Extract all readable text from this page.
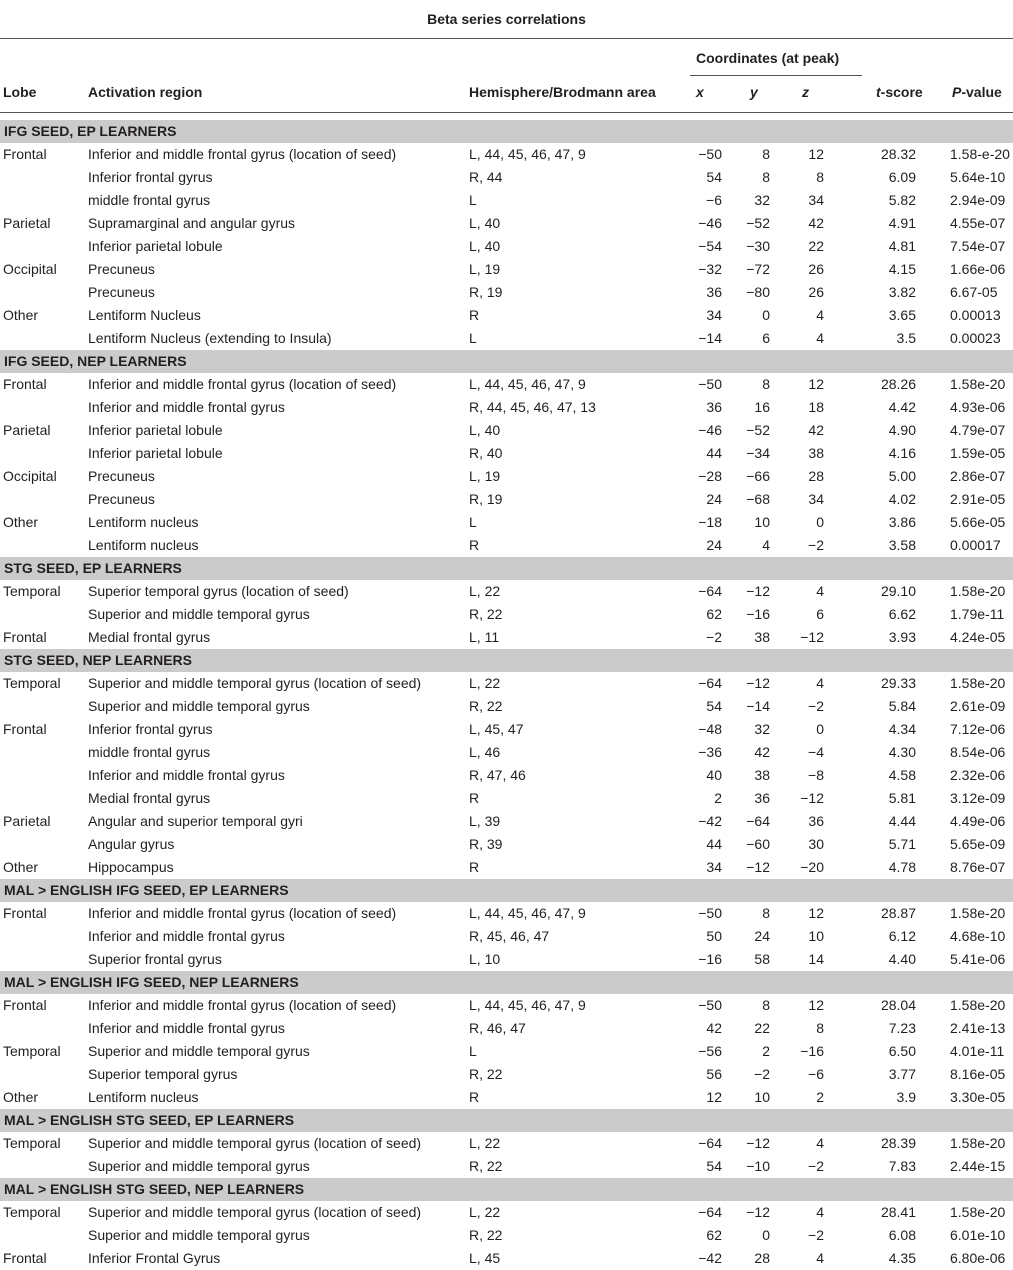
Beta series correlations
Coordinates (at peak)
Lobe	Activation region	Hemisphere/Brodmann area	x	y	z	t-score P-value
IFG SEED, EP LEARNERS
Frontal	Inferior and middle frontal gyrus (location of seed)	L, 44, 45, 46, 47, 9	−50	8	12	28.32 1.58-e-20
Inferior frontal gyrus	R, 44	54	8	8	6.09 5.64e-10
middle frontal gyrus	L	−6	32	34	5.82 2.94e-09
Parietal	Supramarginal and angular gyrus	L, 40	−46	−52	42	4.91 4.55e-07
Inferior parietal lobule	L, 40	−54	−30	22	4.81 7.54e-07
Occipital Precuneus	L, 19	−32	−72	26	4.15 1.66e-06
Precuneus	R, 19	36	−80	26	3.82 6.67-05
Other	Lentiform Nucleus	R	34	0	4	3.65 0.00013
Lentiform Nucleus (extending to Insula)	L	−14	6	4	3.5 0.00023
IFG SEED, NEP LEARNERS
Frontal	Inferior and middle frontal gyrus (location of seed)	L, 44, 45, 46, 47, 9	−50	8	12	28.26 1.58e-20
Inferior and middle frontal gyrus	R, 44, 45, 46, 47, 13	36	16	18	4.42 4.93e-06
Parietal	Inferior parietal lobule	L, 40	−46	−52	42	4.90 4.79e-07
Inferior parietal lobule	R, 40	44	−34	38	4.16 1.59e-05
Occipital Precuneus	L, 19	−28	−66	28	5.00 2.86e-07
Precuneus	R, 19	24	−68	34	4.02 2.91e-05
Other	Lentiform nucleus	L	−18	10	0	3.86 5.66e-05
Lentiform nucleus	R	24	4	−2	3.58 0.00017
STG SEED, EP LEARNERS
Temporal Superior temporal gyrus (location of seed)	L, 22	−64	−12	4	29.10 1.58e-20
Superior and middle temporal gyrus	R, 22	62	−16	6	6.62 1.79e-11
Frontal	Medial frontal gyrus	L, 11	−2	38	−12	3.93 4.24e-05
STG SEED, NEP LEARNERS
Temporal Superior and middle temporal gyrus (location of seed)	L, 22	−64	−12	4	29.33 1.58e-20
Superior and middle temporal gyrus	R, 22	54	−14	−2	5.84 2.61e-09
Frontal	Inferior frontal gyrus	L, 45, 47	−48	32	0	4.34 7.12e-06
middle frontal gyrus	L, 46	−36	42	−4	4.30 8.54e-06
Inferior and middle frontal gyrus	R, 47, 46	40	38	−8	4.58 2.32e-06
Medial frontal gyrus	R	2	36	−12	5.81 3.12e-09
Parietal	Angular and superior temporal gyri	L, 39	−42	−64	36	4.44 4.49e-06
Angular gyrus	R, 39	44	−60	30	5.71 5.65e-09
Other	Hippocampus	R	34	−12	−20	4.78 8.76e-07
MAL > ENGLISH IFG SEED, EP LEARNERS
Frontal	Inferior and middle frontal gyrus (location of seed)	L, 44, 45, 46, 47, 9	−50	8	12	28.87 1.58e-20
Inferior and middle frontal gyrus	R, 45, 46, 47	50	24	10	6.12 4.68e-10
Superior frontal gyrus	L, 10	−16	58	14	4.40 5.41e-06
MAL > ENGLISH IFG SEED, NEP LEARNERS
Frontal	Inferior and middle frontal gyrus (location of seed)	L, 44, 45, 46, 47, 9	−50	8	12	28.04 1.58e-20
Inferior and middle frontal gyrus	R, 46, 47	42	22	8	7.23 2.41e-13
Temporal Superior and middle temporal gyrus	L	−56	2	−16	6.50 4.01e-11
Superior temporal gyrus	R, 22	56	−2	−6	3.77 8.16e-05
Other	Lentiform nucleus	R	12	10	2	3.9 3.30e-05
MAL > ENGLISH STG SEED, EP LEARNERS
Temporal Superior and middle temporal gyrus (location of seed)	L, 22	−64	−12	4	28.39 1.58e-20
Superior and middle temporal gyrus	R, 22	54	−10	−2	7.83 2.44e-15
MAL > ENGLISH STG SEED, NEP LEARNERS
Temporal Superior and middle temporal gyrus (location of seed)	L, 22	−64	−12	4	28.41 1.58e-20
Superior and middle temporal gyrus	R, 22	62	0	−2	6.08 6.01e-10
Frontal	Inferior Frontal Gyrus	L, 45	−42	28	4	4.35 6.80e-06
